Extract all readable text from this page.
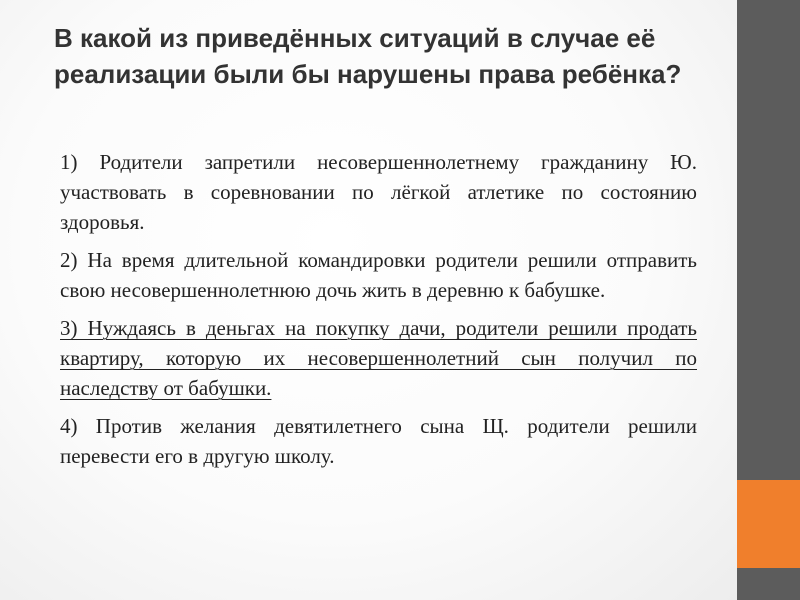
В какой из приведённых ситуаций в случае её реализации были бы нарушены права ребёнка?

1) Родители запретили несовершеннолетнему гражданину Ю. участвовать в соревновании по лёгкой атлетике по состоянию здоровья.

2) На время длительной командировки родители решили отправить свою несовершеннолетнюю дочь жить в деревню к бабушке.

3) Нуждаясь в деньгах на покупку дачи, родители решили продать квартиру, которую их несовершеннолетний сын получил по наследству от бабушки.

4) Против желания девятилетнего сына Щ. родители решили перевести его в другую школу.
